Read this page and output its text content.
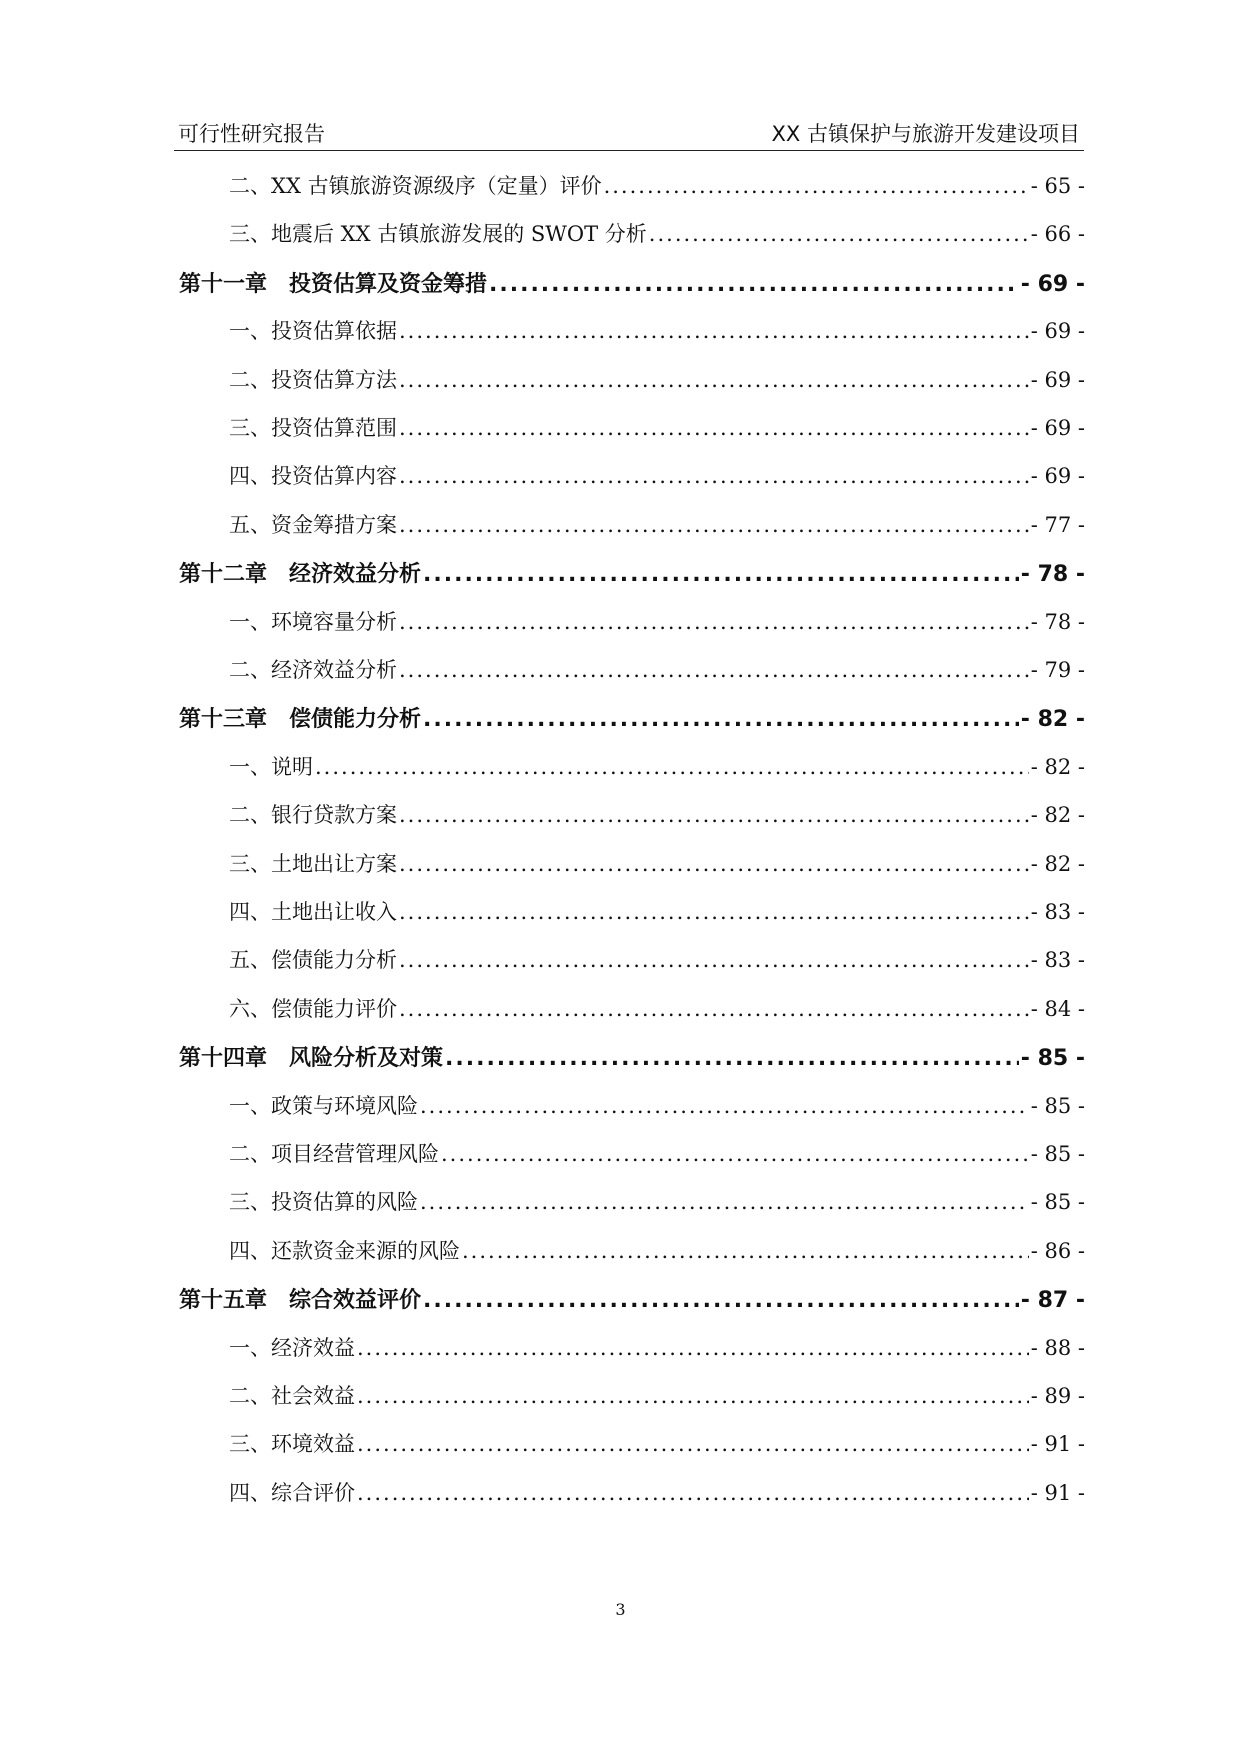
可行性研究报告	XX 古镇保护与旅游开发建设项目
二、XX 古镇旅游资源级序（定量）评价 .....	- 65 -
三、地震后 XX 古镇旅游发展的 SWOT 分析 .....	- 66 -
第十一章　投资估算及资金筹措 .....	- 69 -
一、投资估算依据 .....	- 69 -
二、投资估算方法 .....	- 69 -
三、投资估算范围 .....	- 69 -
四、投资估算内容 .....	- 69 -
五、资金筹措方案 .....	- 77 -
第十二章　经济效益分析 .....	- 78 -
一、环境容量分析 .....	- 78 -
二、经济效益分析 .....	- 79 -
第十三章　偿债能力分析 .....	- 82 -
一、说明 .....	- 82 -
二、银行贷款方案 .....	- 82 -
三、土地出让方案 .....	- 82 -
四、土地出让收入 .....	- 83 -
五、偿债能力分析 .....	- 83 -
六、偿债能力评价 .....	- 84 -
第十四章　风险分析及对策 .....	- 85 -
一、政策与环境风险 .....	- 85 -
二、项目经营管理风险 .....	- 85 -
三、投资估算的风险 .....	- 85 -
四、还款资金来源的风险 .....	- 86 -
第十五章　综合效益评价 .....	- 87 -
一、经济效益 .....	- 88 -
二、社会效益 .....	- 89 -
三、环境效益 .....	- 91 -
四、综合评价 .....	- 91 -
3
